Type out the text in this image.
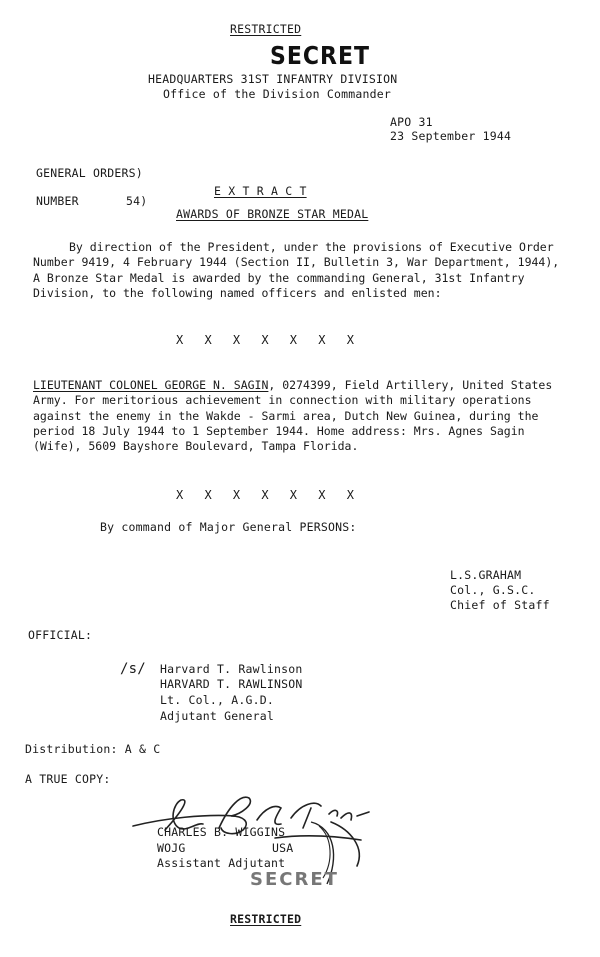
RESTRICTED
SECRET
HEADQUARTERS 31ST INFANTRY DIVISION
Office of the Division Commander
APO 31
23 September 1944
GENERAL ORDERS)
NUMBER	54)
E X T R A C T
AWARDS OF BRONZE STAR MEDAL
By direction of the President, under the provisions of Executive Order Number 9419, 4 February 1944 (Section II, Bulletin 3, War Department, 1944), A Bronze Star Medal is awarded by the commanding General, 31st Infantry Division, to the following named officers and enlisted men:
X X X X X X X
LIEUTENANT COLONEL GEORGE N. SAGIN, 0274399, Field Artillery, United States Army. For meritorious achievement in connection with military operations against the enemy in the Wakde - Sarmi area, Dutch New Guinea, during the period 18 July 1944 to 1 September 1944. Home address: Mrs. Agnes Sagin (Wife), 5609 Bayshore Boulevard, Tampa Florida.
X X X X X X X
By command of Major General PERSONS:
L.S.GRAHAM
Col., G.S.C.
Chief of Staff
OFFICIAL:
/s/ Harvard T. Rawlinson
HARVARD T. RAWLINSON
Lt. Col., A.G.D.
Adjutant General
Distribution: A & C
A TRUE COPY:
CHARLES B. WIGGINS
WOJG	USA
Assistant Adjutant
SECRET
RESTRICTED
